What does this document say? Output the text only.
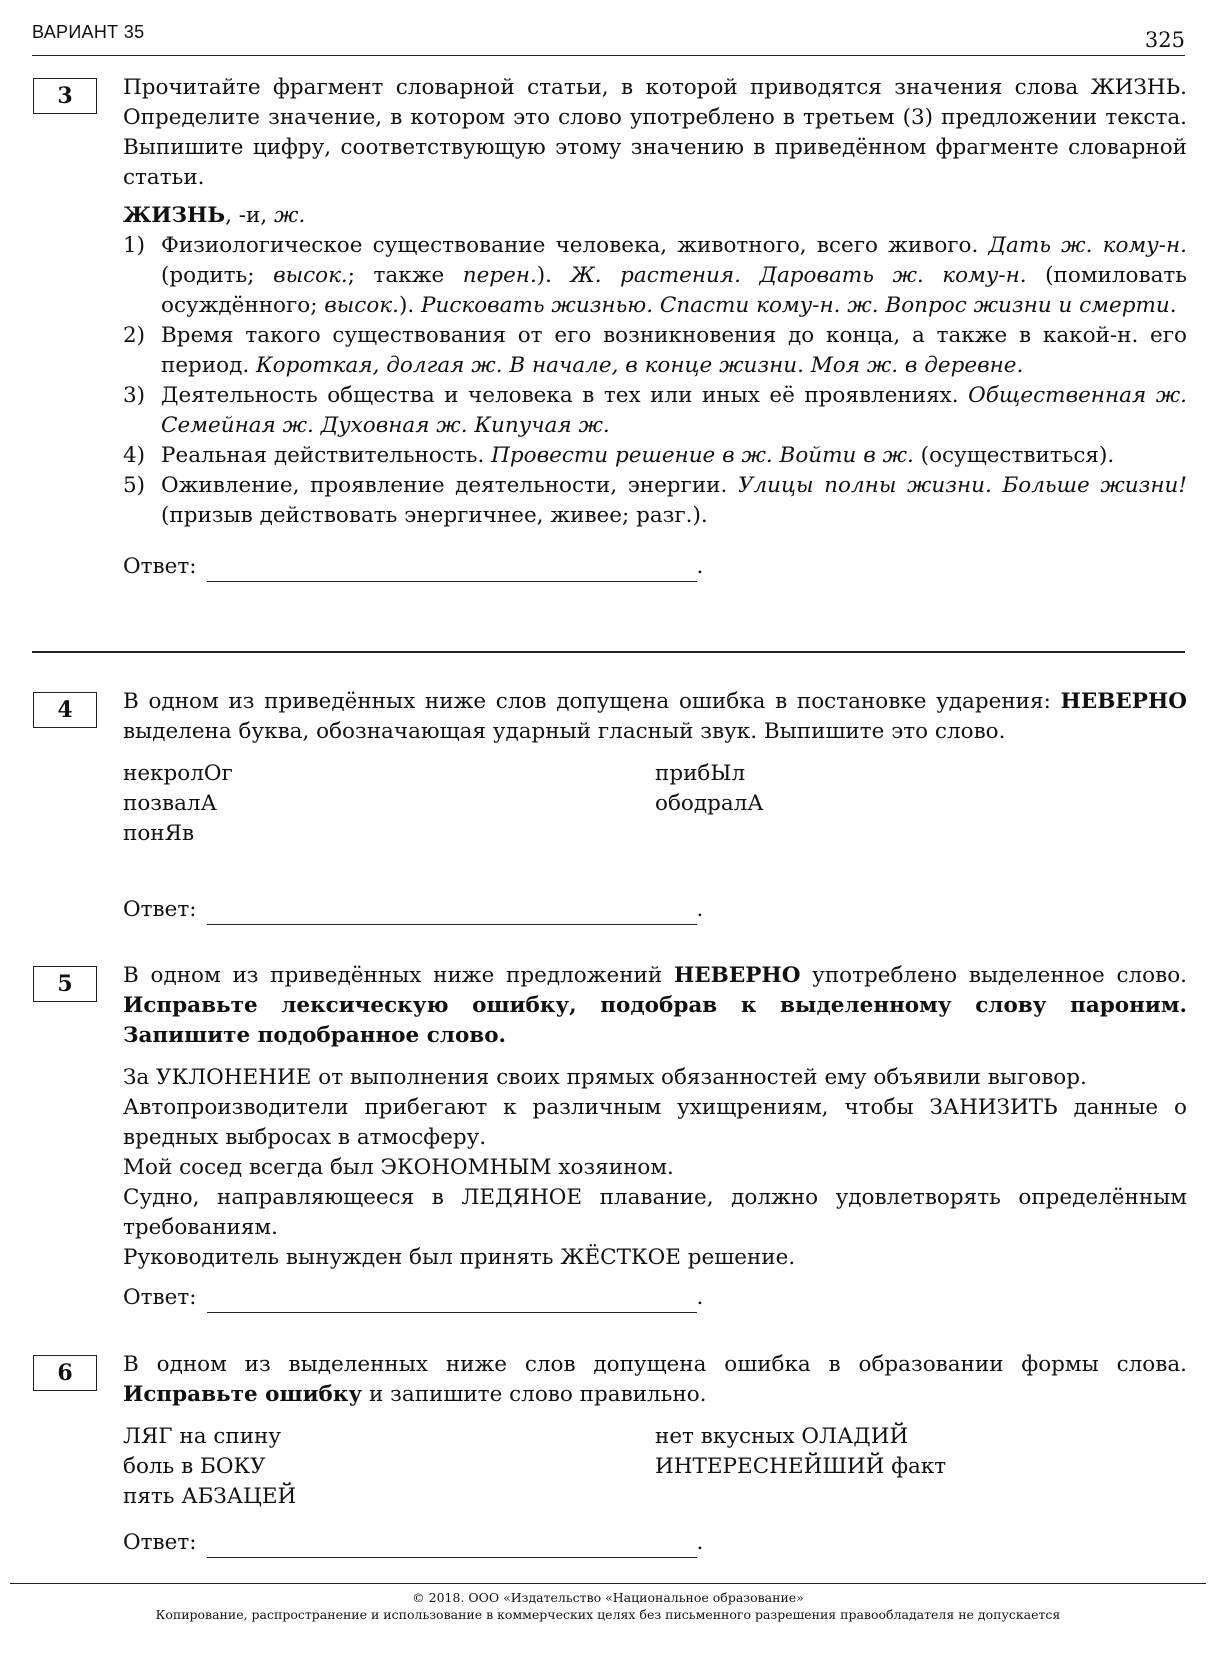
ВАРИАНТ 35	325
3 Прочитайте фрагмент словарной статьи, в которой приводятся значения слова ЖИЗНЬ. Определите значение, в котором это слово употреблено в третьем (3) предложении текста. Выпишите цифру, соответствующую этому значению в приведённом фрагменте словарной статьи.

ЖИЗНЬ, -и, ж.

1) Физиологическое существование человека, животного, всего живого. Дать ж. кому-н. (родить; высок.; также перен.). Ж. растения. Даровать ж. кому-н. (помиловать осуждённого; высок.). Рисковать жизнью. Спасти кому-н. ж. Вопрос жизни и смерти.
2) Время такого существования от его возникновения до конца, а также в какой-н. его период. Короткая, долгая ж. В начале, в конце жизни. Моя ж. в деревне.
3) Деятельность общества и человека в тех или иных её проявлениях. Общественная ж. Семейная ж. Духовная ж. Кипучая ж.
4) Реальная действительность. Провести решение в ж. Войти в ж. (осуществиться).
5) Оживление, проявление деятельности, энергии. Улицы полны жизни. Больше жизни! (призыв действовать энергичнее, живее; разг.).
Ответ:	.
4 В одном из приведённых ниже слов допущена ошибка в постановке ударения: НЕВЕРНО выделена буква, обозначающая ударный гласный звук. Выпишите это слово.

некролОг
позвалА
понЯв
прибЫл
ободралА
Ответ:	.
5 В одном из приведённых ниже предложений НЕВЕРНО употреблено выделенное слово. Исправьте лексическую ошибку, подобрав к выделенному слову пароним. Запишите подобранное слово.

За УКЛОНЕНИЕ от выполнения своих прямых обязанностей ему объявили выговор.

Автопроизводители прибегают к различным ухищрениям, чтобы ЗАНИЗИТЬ данные о вредных выбросах в атмосферу.

Мой сосед всегда был ЭКОНОМНЫМ хозяином.

Судно, направляющееся в ЛЕДЯНОЕ плавание, должно удовлетворять определённым требованиям.

Руководитель вынужден был принять ЖЁСТКОЕ решение.

Ответ:	.
6 В одном из выделенных ниже слов допущена ошибка в образовании формы слова. Исправьте ошибку и запишите слово правильно.

ЛЯГ на спину
боль в БОКУ
пять АБЗАЦЕЙ
нет вкусных ОЛАДИЙ
ИНТЕРЕСНЕЙШИЙ факт
Ответ:	.
© 2018. ООО «Издательство «Национальное образование»
Копирование, распространение и использование в коммерческих целях без письменного разрешения правообладателя не допускается
